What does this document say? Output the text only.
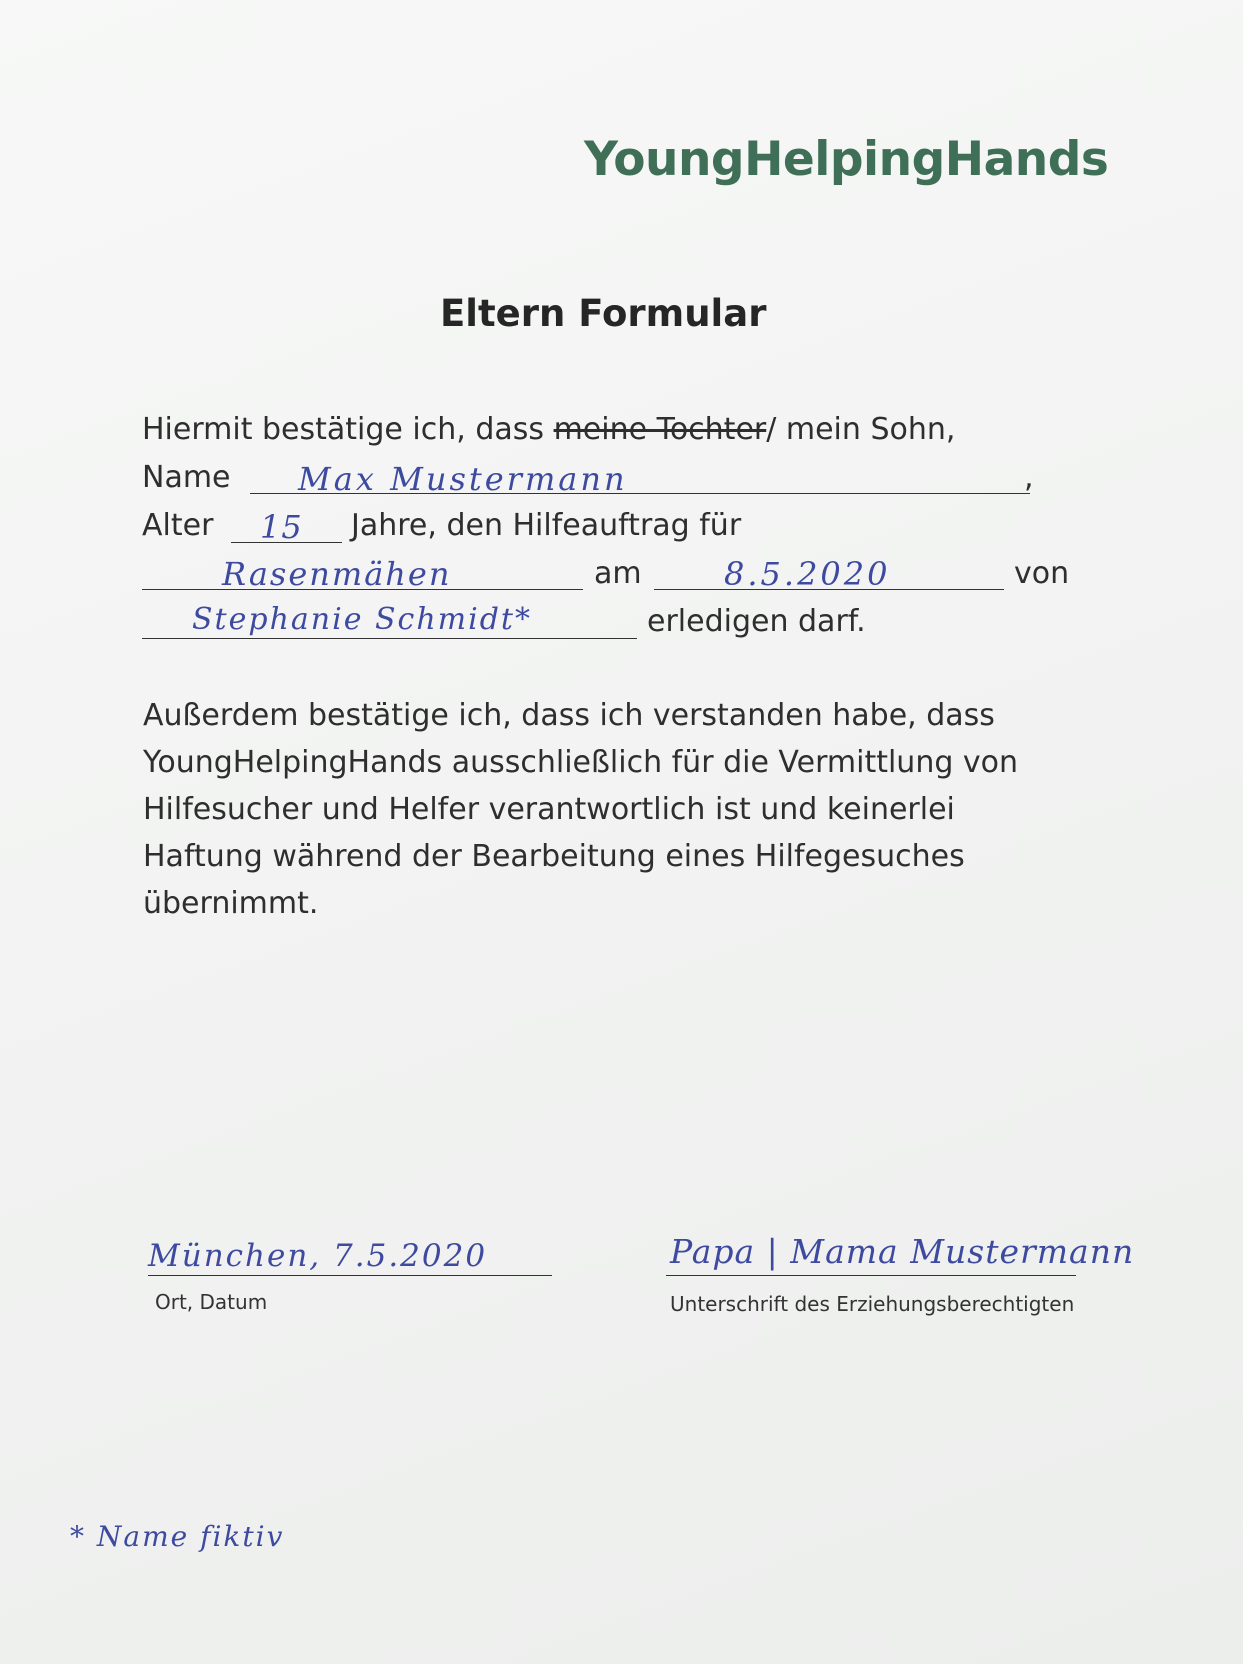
YoungHelpingHands
Eltern Formular
Hiermit bestätige ich, dass meine Tochter/ mein Sohn,
Name Max Mustermann	,
Alter 15 Jahre, den Hilfeauftrag für
Rasenmähen	am	8.5.2020	von
Stephanie Schmidt*	erledigen darf.
Außerdem bestätige ich, dass ich verstanden habe, dass
YoungHelpingHands ausschließlich für die Vermittlung von
Hilfesucher und Helfer verantwortlich ist und keinerlei
Haftung während der Bearbeitung eines Hilfegesuches
übernimmt.
München, 7.5.2020
Ort, Datum
Papa | Mama Mustermann
Unterschrift des Erziehungsberechtigten
* Name fiktiv
